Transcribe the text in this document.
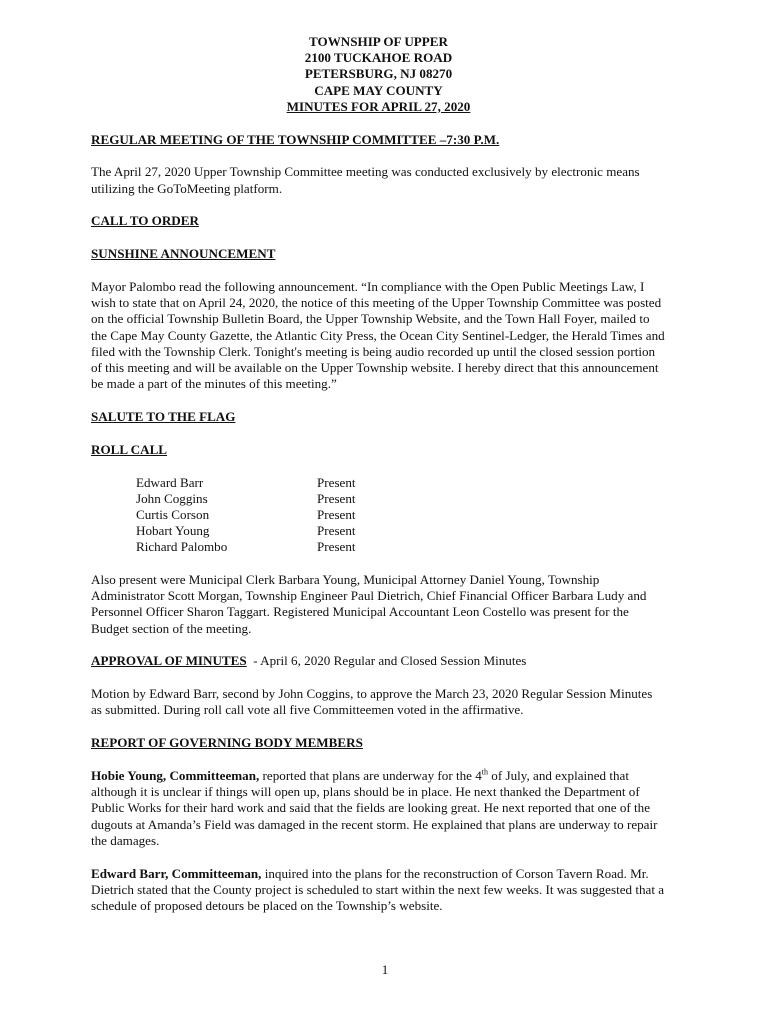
TOWNSHIP OF UPPER
2100 TUCKAHOE ROAD
PETERSBURG, NJ 08270
CAPE MAY COUNTY
MINUTES FOR APRIL 27, 2020

REGULAR MEETING OF THE TOWNSHIP COMMITTEE –7:30 P.M.

The April 27, 2020 Upper Township Committee meeting was conducted exclusively by electronic means utilizing the GoToMeeting platform.

CALL TO ORDER

SUNSHINE ANNOUNCEMENT

Mayor Palombo read the following announcement. “In compliance with the Open Public Meetings Law, I wish to state that on April 24, 2020, the notice of this meeting of the Upper Township Committee was posted on the official Township Bulletin Board, the Upper Township Website, and the Town Hall Foyer, mailed to the Cape May County Gazette, the Atlantic City Press, the Ocean City Sentinel-Ledger, the Herald Times and filed with the Township Clerk. Tonight's meeting is being audio recorded up until the closed session portion of this meeting and will be available on the Upper Township website. I hereby direct that this announcement be made a part of the minutes of this meeting.”

SALUTE TO THE FLAG

ROLL CALL

Edward Barr	Present
John Coggins	Present
Curtis Corson	Present
Hobart Young	Present
Richard Palombo	Present

Also present were Municipal Clerk Barbara Young, Municipal Attorney Daniel Young, Township Administrator Scott Morgan, Township Engineer Paul Dietrich, Chief Financial Officer Barbara Ludy and Personnel Officer Sharon Taggart. Registered Municipal Accountant Leon Costello was present for the Budget section of the meeting.

APPROVAL OF MINUTES  - April 6, 2020 Regular and Closed Session Minutes

Motion by Edward Barr, second by John Coggins, to approve the March 23, 2020 Regular Session Minutes as submitted. During roll call vote all five Committeemen voted in the affirmative.

REPORT OF GOVERNING BODY MEMBERS

Hobie Young, Committeeman, reported that plans are underway for the 4th of July, and explained that although it is unclear if things will open up, plans should be in place. He next thanked the Department of Public Works for their hard work and said that the fields are looking great. He next reported that one of the dugouts at Amanda’s Field was damaged in the recent storm. He explained that plans are underway to repair the damages.

Edward Barr, Committeeman, inquired into the plans for the reconstruction of Corson Tavern Road. Mr. Dietrich stated that the County project is scheduled to start within the next few weeks. It was suggested that a schedule of proposed detours be placed on the Township’s website.

1
